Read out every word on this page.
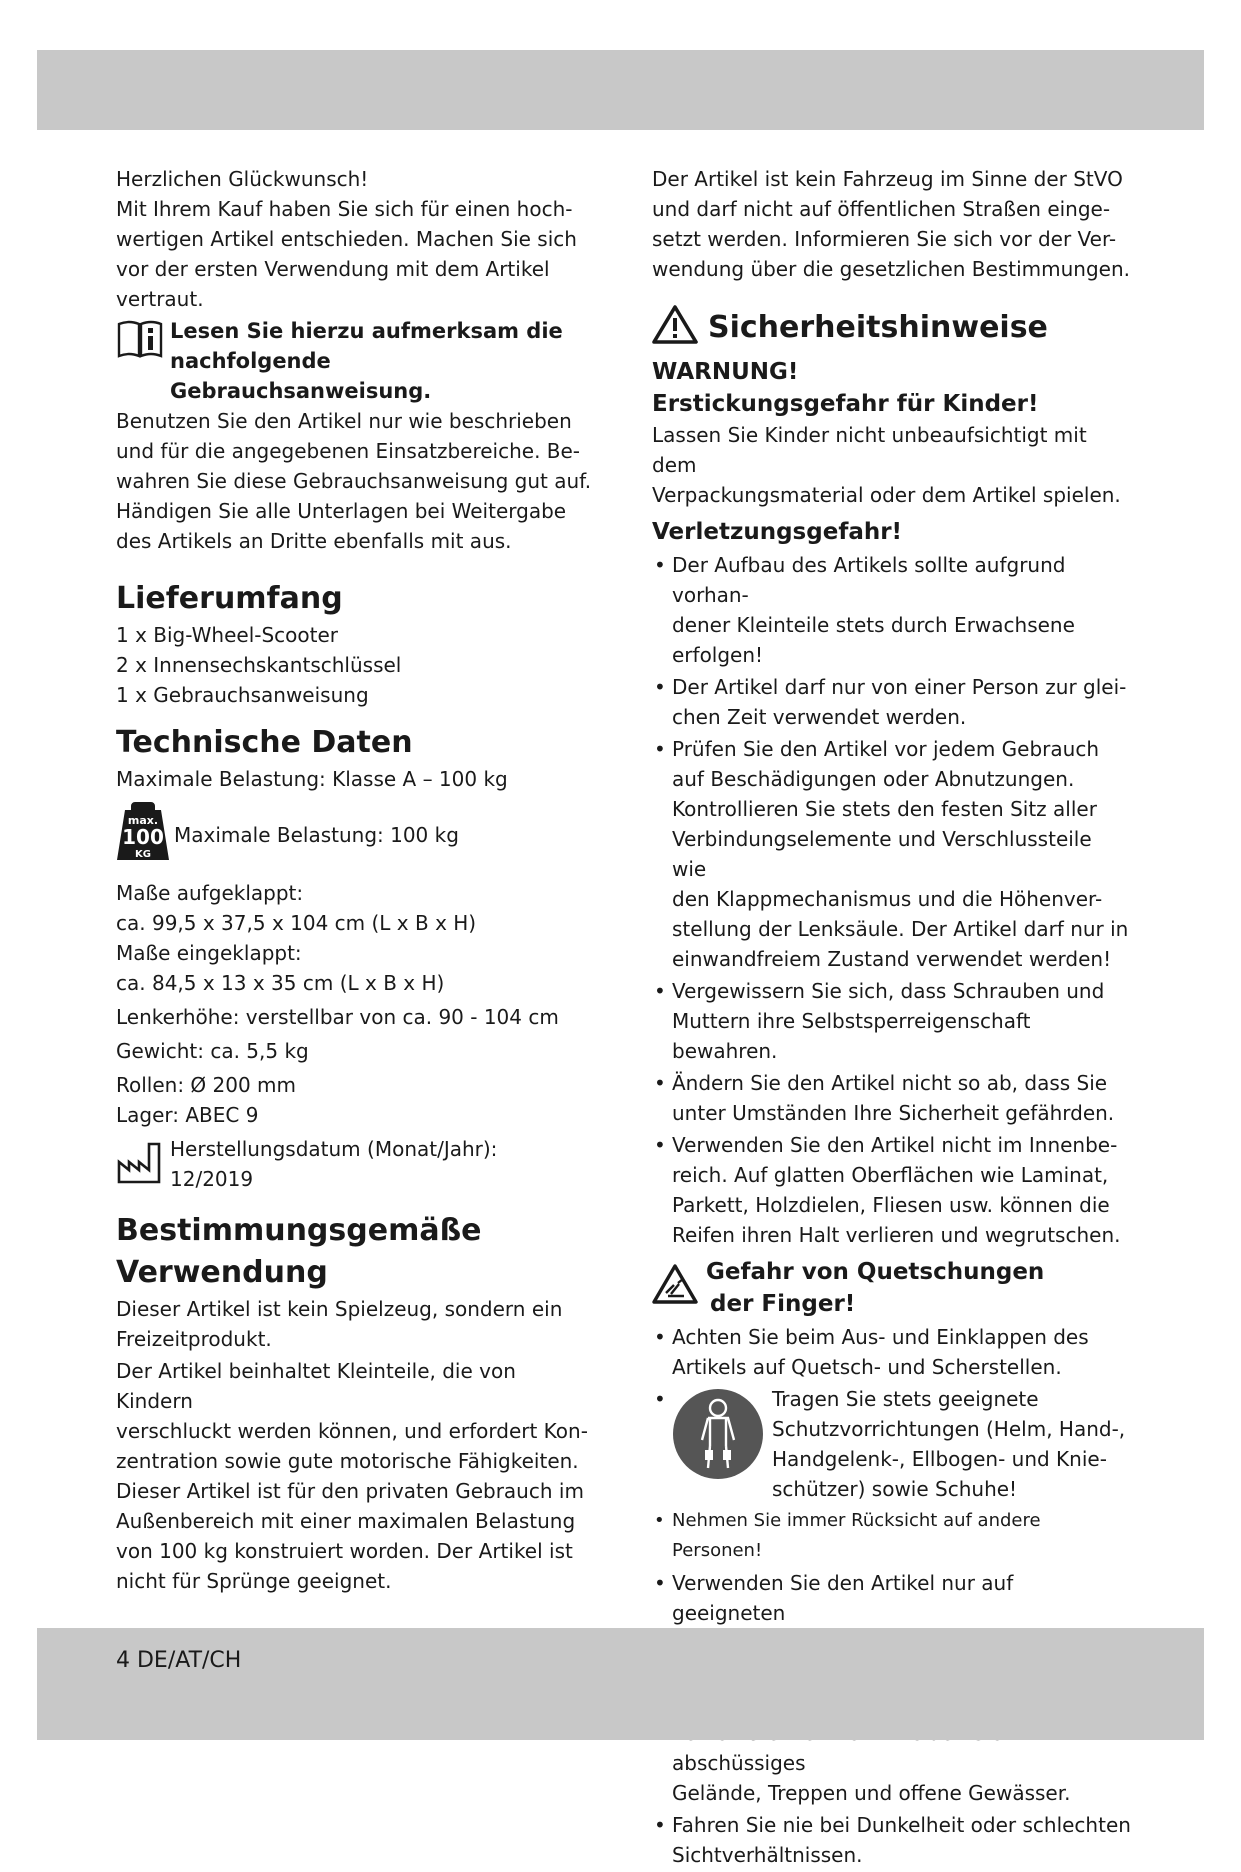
Herzlichen Glückwunsch!

Mit Ihrem Kauf haben Sie sich für einen hoch-

wertigen Artikel entschieden. Machen Sie sich

vor der ersten Verwendung mit dem Artikel

vertraut.

Lesen Sie hierzu aufmerksam die

nachfolgende Gebrauchsanweisung.

Benutzen Sie den Artikel nur wie beschrieben

und für die angegebenen Einsatzbereiche. Be-

wahren Sie diese Gebrauchsanweisung gut auf.

Händigen Sie alle Unterlagen bei Weitergabe

des Artikels an Dritte ebenfalls mit aus.

Lieferumfang

1 x Big-Wheel-Scooter

2 x Innensechskantschlüssel

1 x Gebrauchsanweisung

Technische Daten

Maximale Belastung: Klasse A – 100 kg

max.
100
KG

Maximale Belastung: 100 kg

Maße aufgeklappt:

ca. 99,5 x 37,5 x 104 cm (L x B x H)

Maße eingeklappt:

ca. 84,5 x 13 x 35 cm (L x B x H)

Lenkerhöhe: verstellbar von ca. 90 - 104 cm

Gewicht: ca. 5,5 kg

Rollen: Ø 200 mm

Lager: ABEC 9

Herstellungsdatum (Monat/Jahr):

12/2019

Bestimmungsgemäße
Verwendung

Dieser Artikel ist kein Spielzeug, sondern ein

Freizeitprodukt.

Der Artikel beinhaltet Kleinteile, die von Kindern

verschluckt werden können, und erfordert Kon-

zentration sowie gute motorische Fähigkeiten.

Dieser Artikel ist für den privaten Gebrauch im

Außenbereich mit einer maximalen Belastung

von 100 kg konstruiert worden. Der Artikel ist

nicht für Sprünge geeignet.

Der Artikel ist kein Fahrzeug im Sinne der StVO

und darf nicht auf öffentlichen Straßen einge-

setzt werden. Informieren Sie sich vor der Ver-

wendung über die gesetzlichen Bestimmungen.

Sicherheitshinweise
WARNUNG!
Erstickungsgefahr für Kinder!

Lassen Sie Kinder nicht unbeaufsichtigt mit dem

Verpackungsmaterial oder dem Artikel spielen.

Verletzungsgefahr!

• Der Aufbau des Artikels sollte aufgrund vorhan-

dener Kleinteile stets durch Erwachsene erfolgen!

• Der Artikel darf nur von einer Person zur glei-

chen Zeit verwendet werden.

• Prüfen Sie den Artikel vor jedem Gebrauch

auf Beschädigungen oder Abnutzungen.

Kontrollieren Sie stets den festen Sitz aller

Verbindungselemente und Verschlussteile wie

den Klappmechanismus und die Höhenver-

stellung der Lenksäule. Der Artikel darf nur in

einwandfreiem Zustand verwendet werden!

• Vergewissern Sie sich, dass Schrauben und

Muttern ihre Selbstsperreigenschaft bewahren.

• Ändern Sie den Artikel nicht so ab, dass Sie

unter Umständen Ihre Sicherheit gefährden.

• Verwenden Sie den Artikel nicht im Innenbe-

reich. Auf glatten Oberflächen wie Laminat,

Parkett, Holzdielen, Fliesen usw. können die

Reifen ihren Halt verlieren und wegrutschen.

Gefahr von Quetschungen
der Finger!

• Achten Sie beim Aus- und Einklappen des

Artikels auf Quetsch- und Scherstellen.

• Tragen Sie stets geeignete

Schutzvorrichtungen (Helm, Hand-,

Handgelenk-, Ellbogen- und Knie-

schützer) sowie Schuhe!

• Nehmen Sie immer Rücksicht auf andere Personen!

• Verwenden Sie den Artikel nur auf geeigneten

abschüssiges

Gelände, Treppen und offene Gewässer.

• Fahren Sie nie bei Dunkelheit oder schlechten

Sichtverhältnissen.

4 DE/AT/CH
